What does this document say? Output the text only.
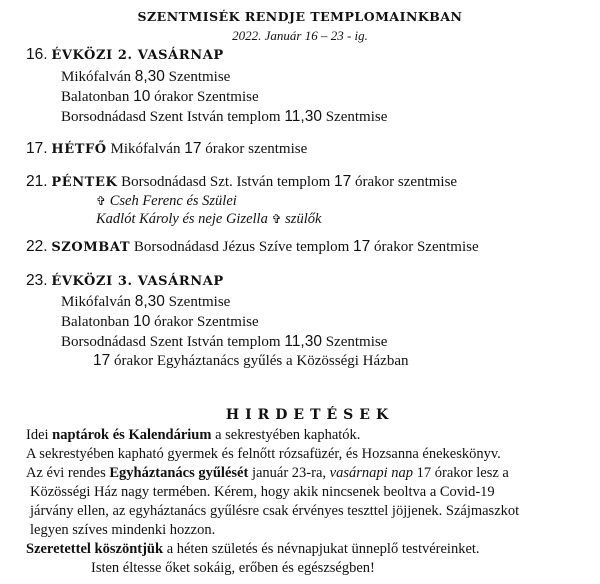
SZENTMISÉK RENDJE TEMPLOMAINKBAN
2022. Január 16 – 23 - ig.
16. ÉVKÖZI 2. VASÁRNAP
Mikófalván 8,30 Szentmise
Balatonban 10 órakor Szentmise
Borsodnádasd Szent István templom 11,30 Szentmise
17. HÉTFŐ Mikófalván 17 órakor szentmise
21. PÉNTEK Borsodnádasd Szt. István templom 17 órakor szentmise
✞ Cseh Ferenc és Szülei
Kadlót Károly és neje Gizella ✞ szülők
22. SZOMBAT Borsodnádasd Jézus Szíve templom 17 órakor Szentmise
23. ÉVKÖZI 3. VASÁRNAP
Mikófalván 8,30 Szentmise
Balatonban 10 órakor Szentmise
Borsodnádasd Szent István templom 11,30 Szentmise
17 órakor Egyháztanács gyűlés a Közösségi Házban
HIRDETÉSEK
Idei naptárok és Kalendárium a sekrestyében kaphatók.
A sekrestyében kapható gyermek és felnőtt rózsafüzér, és Hozsanna énekeskönyv.
Az évi rendes Egyháztanács gyűlését január 23-ra, vasárnapi nap 17 órakor lesz a
Közösségi Ház nagy termében. Kérem, hogy akik nincsenek beoltva a Covid-19
járvány ellen, az egyháztanács gyűlésre csak érvényes teszttel jöjjenek. Szájmaszkot
legyen szíves mindenki hozzon.
Szeretettel köszöntjük a héten születés és névnapjukat ünneplő testvéreinket.
Isten éltesse őket sokáig, erőben és egészségben!
